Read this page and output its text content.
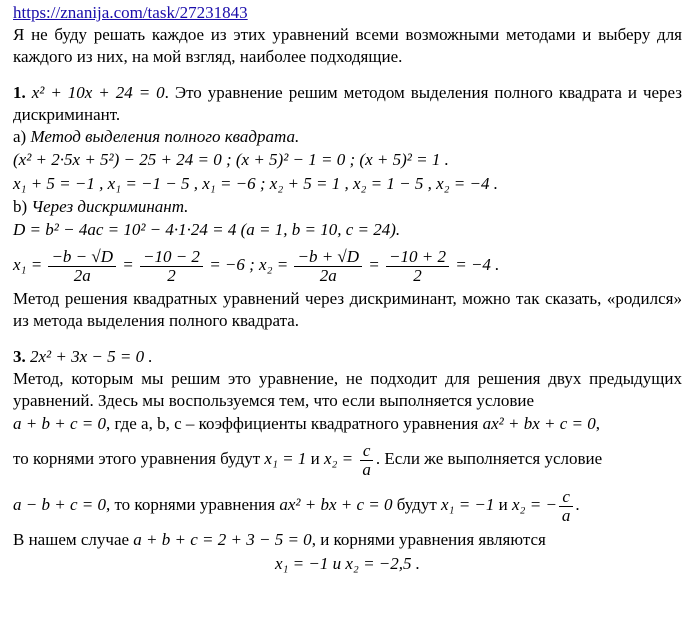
https://znanija.com/task/27231843

Я не буду решать каждое из этих уравнений всеми возможными методами и выберу для каждого из них, на мой взгляд, наиболее подходящие.

1. x² + 10x + 24 = 0. Это уравнение решим методом выделения полного квадрата и через дискриминант.

a) Метод выделения полного квадрата.

(x² + 2·5x + 5²) − 25 + 24 = 0 ; (x + 5)² − 1 = 0 ; (x + 5)² = 1 .

x₁ + 5 = −1 , x₁ = −1 − 5 , x₁ = −6 ; x₂ + 5 = 1 , x₂ = 1 − 5 , x₂ = −4 .

b) Через дискриминант.

D = b² − 4ac = 10² − 4·1·24 = 4 (a = 1, b = 10, c = 24).

$x_1 = \frac{-b - √D}{2a} = \frac{-10 - 2}{2} = -6$ ; $x_2 = \frac{-b + √D}{2a} = \frac{-10 + 2}{2} = -4$ .

Метод решения квадратных уравнений через дискриминант, можно так сказать, «родился» из метода выделения полного квадрата.

3. 2x² + 3x − 5 = 0 .

Метод, которым мы решим это уравнение, не подходит для решения двух предыдущих уравнений. Здесь мы воспользуемся тем, что если выполняется условие

a + b + c = 0, где a, b, c – коэффициенты квадратного уравнения ax² + bx + c = 0,

то корнями этого уравнения будут x₁ = 1 и $x_2 = \frac{c}{a}$ . Если же выполняется условие

a − b + c = 0, то корнями уравнения ax² + bx + c = 0 будут x₁ = −1 и x₂ = − $\frac{c}{a}$ .

В нашем случае a + b + c = 2 + 3 − 5 = 0, и корнями уравнения являются

x₁ = −1 и x₂ = −2,5 .
